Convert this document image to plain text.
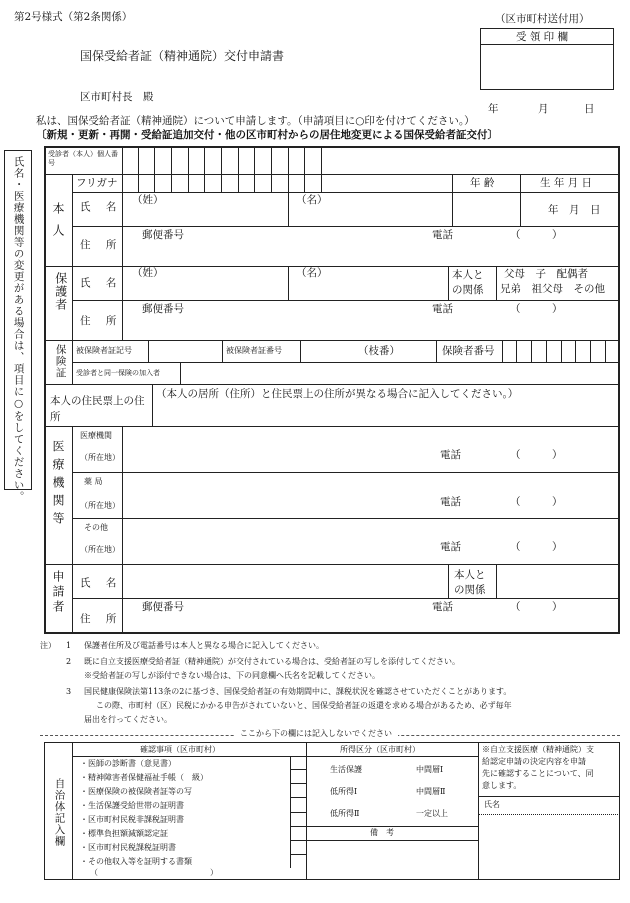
第2号様式（第2条関係）	（区市町村送付用）
受 領 印 欄
国保受給者証（精神通院）交付申請書
区市町村長　殿
年	月	日
私は、国保受給者証（精神通院）について申請します。（申請項目に○印を付けてください。）
〔新規・更新・再開・受給証追加交付・他の区市町村からの居住地変更による国保受給者証交付〕
氏名・医療機関等の変更がある場合は、項目に○をしてください。
受診者（本人）個人番号
フリガナ	年 齢	生 年 月 日
本人 氏 名
（姓）	（名）
年　月　日
住 所
郵便番号	電話	（　　　）
保護者 氏 名
（姓）	（名）	本人との関係
父母　子　配偶者
兄弟　祖父母　その他
住 所
郵便番号	電話	（　　　）
保険証 被保険者証記号	被保険者証番号	（枝番）	保険者番号
受診者と同一保険の加入者
本人の住民票上の住所
（本人の居所（住所）と住民票上の住所が異なる場合に記入してください。）
医療機関等
医療機関
（所在地）	電話	（　　　）
薬 局
（所在地）	電話	（　　　）
その他
（所在地）	電話	（　　　）
申請者 氏 名
本人との関係
住 所
郵便番号	電話	（　　　）
注） 1 保護者住所及び電話番号は本人と異なる場合に記入してください。
2 既に自立支援医療受給者証（精神通院）が交付されている場合は、受給者証の写しを添付してください。
※受給者証の写しが添付できない場合は、下の同意欄へ氏名を記載してください。
3 国民健康保険法第113条の2に基づき、国保受給者証の有効期間中に、課税状況を確認させていただくことがあります。
この際、市町村（区）民税にかかる申告がされていないと、国保受給者証の返還を求める場合があるため、必ず毎年
届出を行ってください。
ここから下の欄には記入しないでください
自治体記入欄
確認事項（区市町村）	所得区分（区市町村）
・医師の診断書（意見書）
・精神障害者保健福祉手帳（　級）
・医療保険の被保険者証等の写
・生活保護受給世帯の証明書
・区市町村民税非課税証明書
・標準負担額減額認定証
・区市町村民税課税証明書
・その他収入等を証明する書類
（　　　　　　　　　　　　　　）
生活保護	中間層Ⅰ
低所得Ⅰ	中間層Ⅱ
低所得Ⅱ	一定以上
備　考
※自立支援医療（精神通院）支
給認定申請の決定内容を申請
先に確認することについて、同
意します。
氏名
